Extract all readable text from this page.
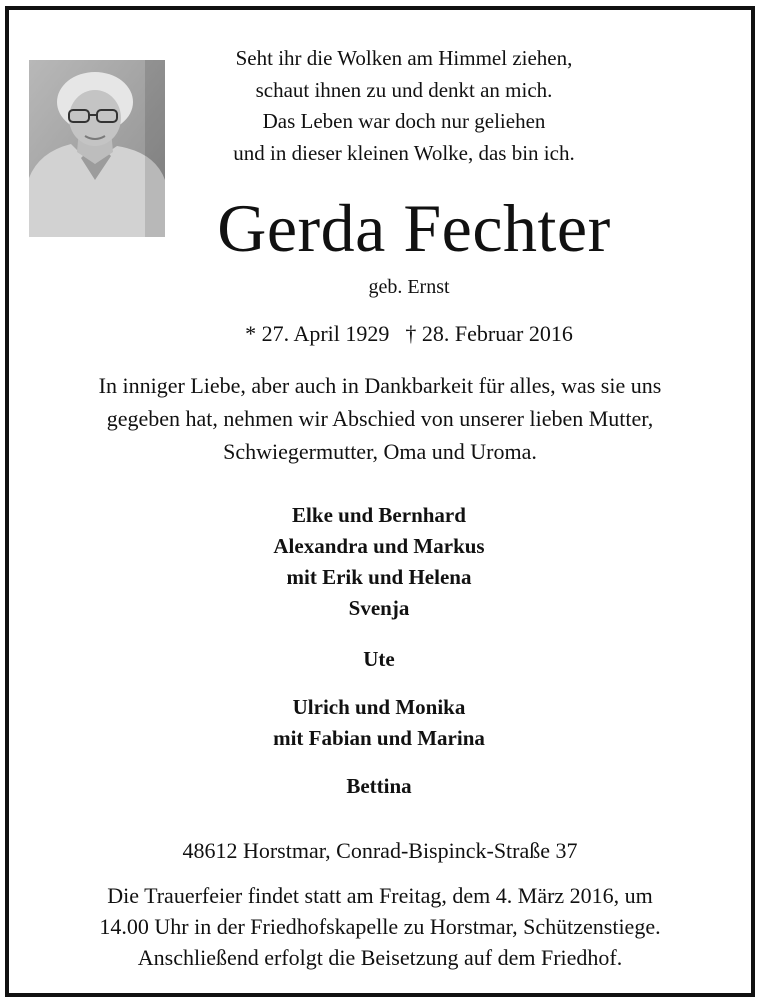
Seht ihr die Wolken am Himmel ziehen,
schaut ihnen zu und denkt an mich.
Das Leben war doch nur geliehen
und in dieser kleinen Wolke, das bin ich.
Gerda Fechter
geb. Ernst
* 27. April 1929 † 28. Februar 2016
In inniger Liebe, aber auch in Dankbarkeit für alles, was sie uns
gegeben hat, nehmen wir Abschied von unserer lieben Mutter,
Schwiegermutter, Oma und Uroma.
Elke und Bernhard
Alexandra und Markus
mit Erik und Helena
Svenja
Ute
Ulrich und Monika
mit Fabian und Marina
Bettina
48612 Horstmar, Conrad-Bispinck-Straße 37
Die Trauerfeier findet statt am Freitag, dem 4. März 2016, um
14.00 Uhr in der Friedhofskapelle zu Horstmar, Schützenstiege.
Anschließend erfolgt die Beisetzung auf dem Friedhof.
